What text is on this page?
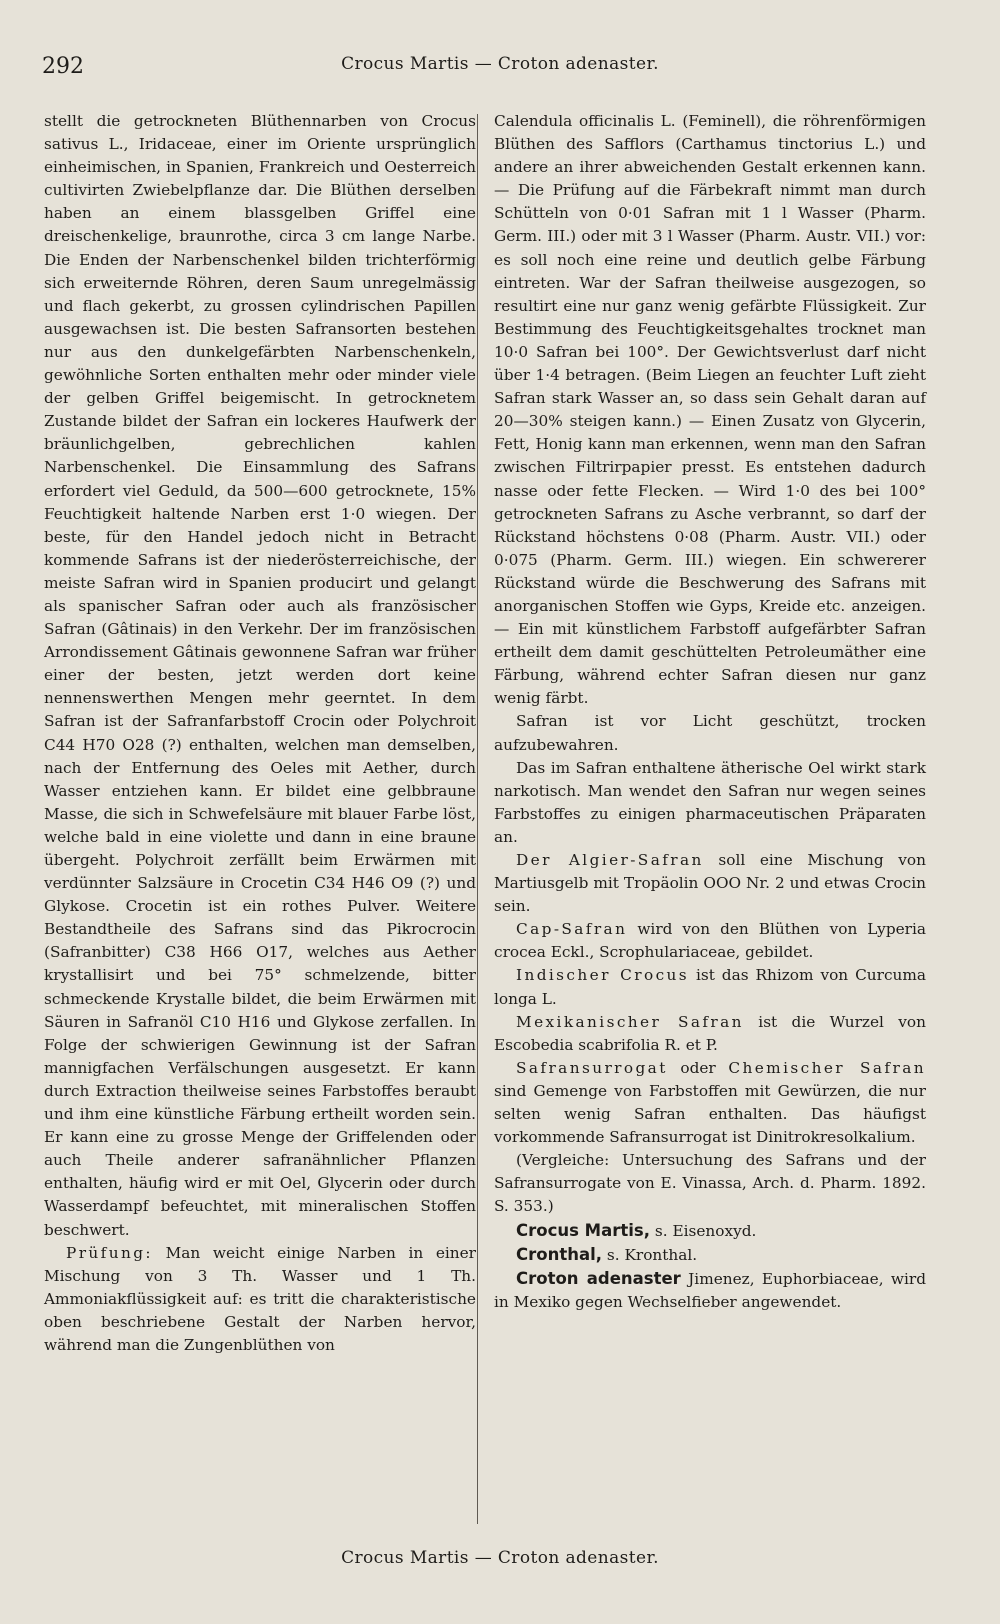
292	Crocus Martis — Croton adenaster.

stellt die getrockneten Blüthennarben von Crocus sativus L., Iridaceae, einer im Oriente ursprünglich einheimischen, in Spanien, Frankreich und Oesterreich cultivirten Zwiebelpflanze dar. Die Blüthen derselben haben an einem blassgelben Griffel eine dreischenkelige, braunrothe, circa 3 cm lange Narbe. Die Enden der Narbenschenkel bilden trichterförmig sich erweiternde Röhren, deren Saum unregelmässig und flach gekerbt, zu grossen cylindrischen Papillen ausgewachsen ist. Die besten Safransorten bestehen nur aus den dunkelgefärbten Narbenschenkeln, gewöhnliche Sorten enthalten mehr oder minder viele der gelben Griffel beigemischt. In getrocknetem Zustande bildet der Safran ein lockeres Haufwerk der bräunlichgelben, gebrechlichen kahlen Narbenschenkel. Die Einsammlung des Safrans erfordert viel Geduld, da 500—600 getrocknete, 15% Feuchtigkeit haltende Narben erst 1·0 wiegen. Der beste, für den Handel jedoch nicht in Betracht kommende Safrans ist der niederösterreichische, der meiste Safran wird in Spanien producirt und gelangt als spanischer Safran oder auch als französischer Safran (Gâtinais) in den Verkehr. Der im französischen Arrondissement Gâtinais gewonnene Safran war früher einer der besten, jetzt werden dort keine nennenswerthen Mengen mehr geerntet. In dem Safran ist der Safranfarbstoff Crocin oder Polychroit C44 H70 O28 (?) enthalten, welchen man demselben, nach der Entfernung des Oeles mit Aether, durch Wasser entziehen kann. Er bildet eine gelbbraune Masse, die sich in Schwefelsäure mit blauer Farbe löst, welche bald in eine violette und dann in eine braune übergeht. Polychroit zerfällt beim Erwärmen mit verdünnter Salzsäure in Crocetin C34 H46 O9 (?) und Glykose. Crocetin ist ein rothes Pulver. Weitere Bestandtheile des Safrans sind das Pikrocrocin (Safranbitter) C38 H66 O17, welches aus Aether krystallisirt und bei 75° schmelzende, bitter schmeckende Krystalle bildet, die beim Erwärmen mit Säuren in Safranöl C10 H16 und Glykose zerfallen. In Folge der schwierigen Gewinnung ist der Safran mannigfachen Verfälschungen ausgesetzt. Er kann durch Extraction theilweise seines Farbstoffes beraubt und ihm eine künstliche Färbung ertheilt worden sein. Er kann eine zu grosse Menge der Griffelenden oder auch Theile anderer safranähnlicher Pflanzen enthalten, häufig wird er mit Oel, Glycerin oder durch Wasserdampf befeuchtet, mit mineralischen Stoffen beschwert.

Prüfung: Man weicht einige Narben in einer Mischung von 3 Th. Wasser und 1 Th. Ammoniakflüssigkeit auf: es tritt die charakteristische oben beschriebene Gestalt der Narben hervor, während man die Zungenblüthen von

Calendula officinalis L. (Feminell), die röhrenförmigen Blüthen des Safflors (Carthamus tinctorius L.) und andere an ihrer abweichenden Gestalt erkennen kann. — Die Prüfung auf die Färbekraft nimmt man durch Schütteln von 0·01 Safran mit 1 l Wasser (Pharm. Germ. III.) oder mit 3 l Wasser (Pharm. Austr. VII.) vor: es soll noch eine reine und deutlich gelbe Färbung eintreten. War der Safran theilweise ausgezogen, so resultirt eine nur ganz wenig gefärbte Flüssigkeit. Zur Bestimmung des Feuchtigkeitsgehaltes trocknet man 10·0 Safran bei 100°. Der Gewichtsverlust darf nicht über 1·4 betragen. (Beim Liegen an feuchter Luft zieht Safran stark Wasser an, so dass sein Gehalt daran auf 20—30% steigen kann.) — Einen Zusatz von Glycerin, Fett, Honig kann man erkennen, wenn man den Safran zwischen Filtrirpapier presst. Es entstehen dadurch nasse oder fette Flecken. — Wird 1·0 des bei 100° getrockneten Safrans zu Asche verbrannt, so darf der Rückstand höchstens 0·08 (Pharm. Austr. VII.) oder 0·075 (Pharm. Germ. III.) wiegen. Ein schwererer Rückstand würde die Beschwerung des Safrans mit anorganischen Stoffen wie Gyps, Kreide etc. anzeigen. — Ein mit künstlichem Farbstoff aufgefärbter Safran ertheilt dem damit geschüttelten Petroleumäther eine Färbung, während echter Safran diesen nur ganz wenig färbt.

Safran ist vor Licht geschützt, trocken aufzubewahren.

Das im Safran enthaltene ätherische Oel wirkt stark narkotisch. Man wendet den Safran nur wegen seines Farbstoffes zu einigen pharmaceutischen Präparaten an.

Der Algier-Safran soll eine Mischung von Martiusgelb mit Tropäolin OOO Nr. 2 und etwas Crocin sein.

Cap-Safran wird von den Blüthen von Lyperia crocea Eckl., Scrophulariaceae, gebildet.

Indischer Crocus ist das Rhizom von Curcuma longa L.

Mexikanischer Safran ist die Wurzel von Escobedia scabrifolia R. et P.

Safransurrogat oder Chemischer Safran sind Gemenge von Farbstoffen mit Gewürzen, die nur selten wenig Safran enthalten. Das häufigst vorkommende Safransurrogat ist Dinitrokresolkalium.

(Vergleiche: Untersuchung des Safrans und der Safransurrogate von E. Vinassa, Arch. d. Pharm. 1892. S. 353.)

Crocus Martis, s. Eisenoxyd.

Cronthal, s. Kronthal.

Croton adenaster Jimenez, Euphorbiaceae, wird in Mexiko gegen Wechselfieber angewendet.

Crocus Martis — Croton adenaster.
